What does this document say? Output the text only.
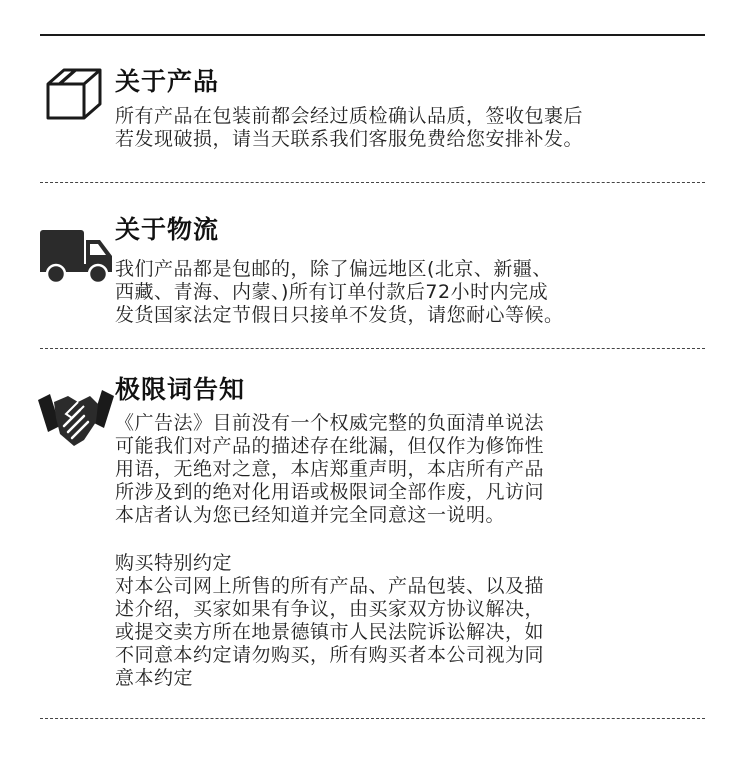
关于产品
所有产品在包装前都会经过质检确认品质，签收包裹后
若发现破损，请当天联系我们客服免费给您安排补发。
关于物流
我们产品都是包邮的，除了偏远地区(北京、新疆、
西藏、青海、内蒙、)所有订单付款后72小时内完成
发货国家法定节假日只接单不发货，请您耐心等候。
极限词告知
《广告法》目前没有一个权威完整的负面清单说法
可能我们对产品的描述存在纰漏，但仅作为修饰性
用语，无绝对之意，本店郑重声明，本店所有产品
所涉及到的绝对化用语或极限词全部作废，凡访问
本店者认为您已经知道并完全同意这一说明。
购买特别约定
对本公司网上所售的所有产品、产品包装、以及描
述介绍，买家如果有争议，由买家双方协议解决，
或提交卖方所在地景德镇市人民法院诉讼解决，如
不同意本约定请勿购买，所有购买者本公司视为同
意本约定
